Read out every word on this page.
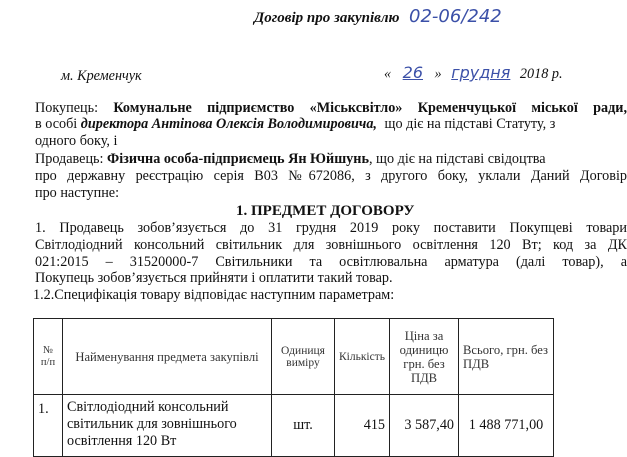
Договір про закупівлю 02-06/242
м. Кременчук	« 26 » грудня 2018 р.
Покупець: Комунальне підприємство «Міськсвітло» Кременчуцької міської ради,
в особі директора Антіпова Олексія Володимировича, що діє на підставі Статуту, з
одного боку, і
Продавець: Фізична особа-підприємець Ян Юйшунь, що діє на підставі свідоцтва
про державну реєстрацію серія В03 №672086, з другого боку, уклали Даний Договір
про наступне:
1. ПРЕДМЕТ ДОГОВОРУ
1. Продавець зобов’язується до 31 грудня 2019 року поставити Покупцеві товари
Світлодіодний консольний світильник для зовнішнього освітлення 120 Вт; код за ДК
021:2015 – 31520000-7 Світильники та освітлювальна арматура (далі товар), а
Покупець зобов’язується прийняти і оплатити такий товар.
1.2.Специфікація товару відповідає наступним параметрам:
№ п/п	Найменування предмета закупівлі	Одиниця виміру	Кількість	Ціна за одиницю грн. без ПДВ	Всього, грн. без ПДВ
1.	Світлодіодний консольний
світильник для зовнішнього
освітлення 120 Вт	шт.	415	3 587,40	1 488 771,00
